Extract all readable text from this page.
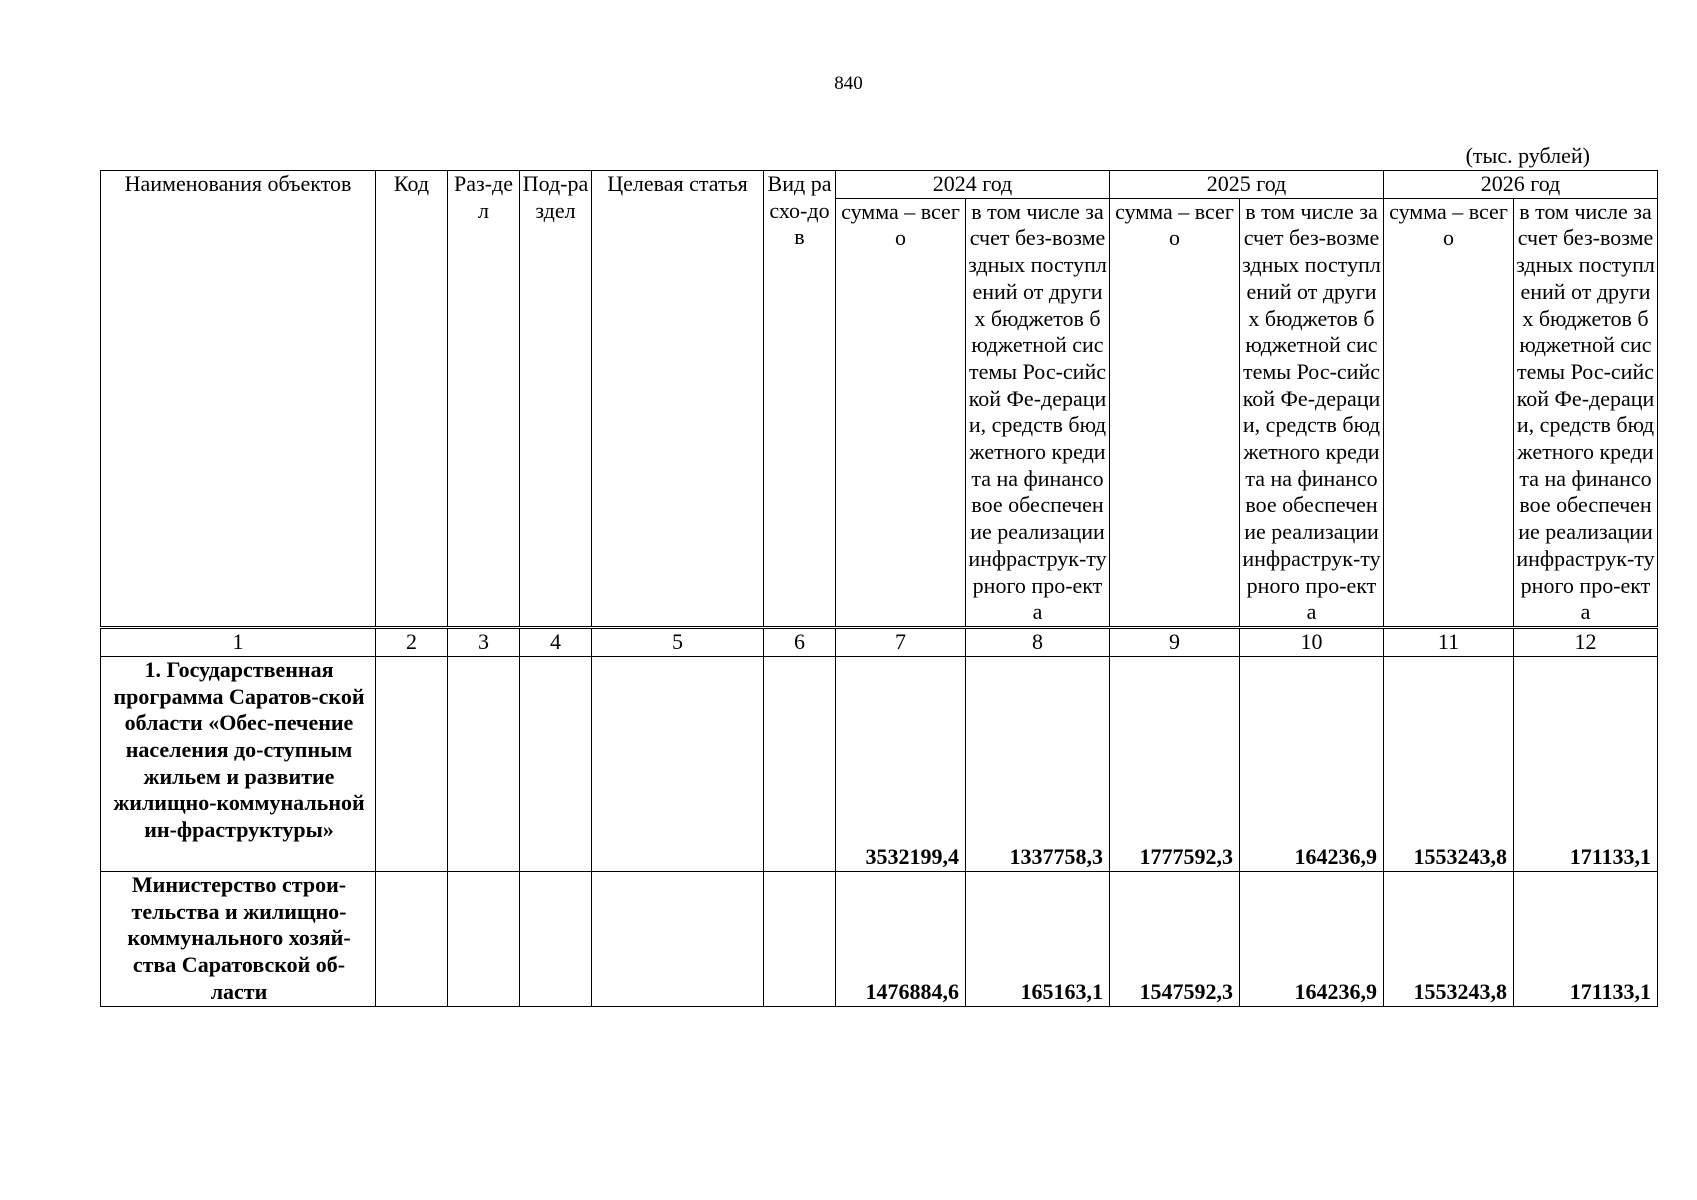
840
(тыс. рублей)
Наименования объектов	Код	Раз-дел	Под-раздел	Целевая статья	Вид расхо-дов	2024 год		2025 год		2026 год	

						сумма – всего	в том числе за счет без-возмездных поступлений от других бюджетов бюджетной системы Рос-сийской Фе-дерации, средств бюджетного кредита на финансовое обеспечение реализации инфраструк-турного про-екта	сумма – всего	в том числе за счет без-возмездных поступлений от других бюджетов бюджетной системы Рос-сийской Фе-дерации, средств бюджетного кредита на финансовое обеспечение реализации инфраструк-турного про-екта	сумма – всего	в том числе за счет без-возмездных поступлений от других бюджетов бюджетной системы Рос-сийской Фе-дерации, средств бюджетного кредита на финансовое обеспечение реализации инфраструк-турного про-екта

1	2	3	4	5	6	7	8	9	10	11	12
1. Государственная программа Саратов-ской области «Обес-печение населения до-ступным жильем и развитие жилищно-коммунальной ин-фраструктуры»						3532199,4	1337758,3	1777592,3	164236,9	1553243,8	171133,1
Министерство строи-тельства и жилищно-коммунального хозяй-ства Саратовской об-ласти						1476884,6	165163,1	1547592,3	164236,9	1553243,8	171133,1
